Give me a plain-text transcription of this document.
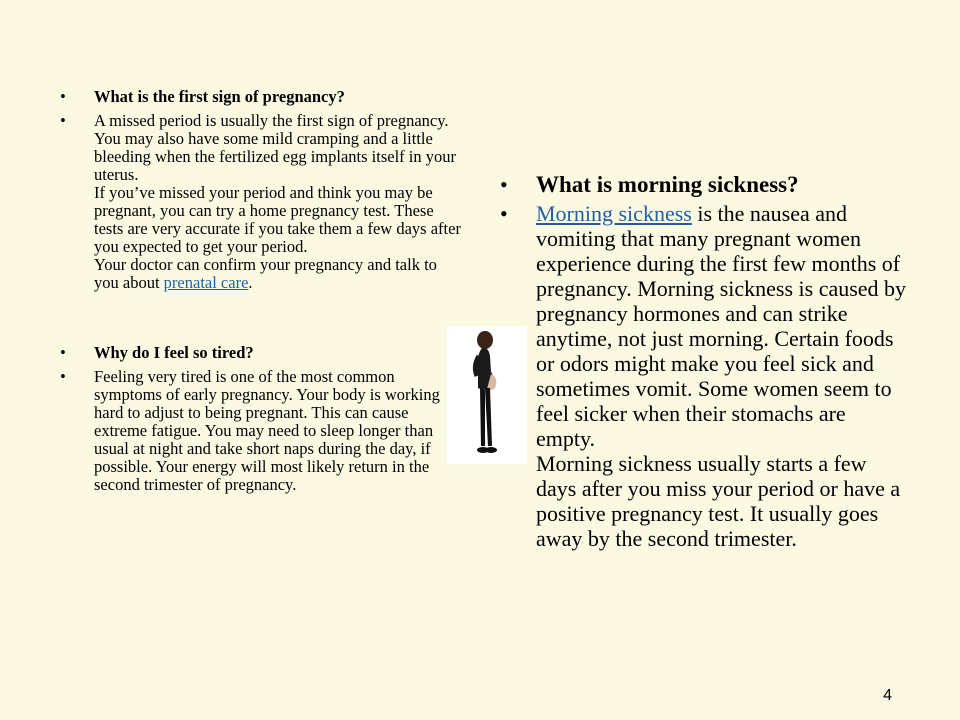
•	What is the first sign of pregnancy?
•	A missed period is usually the first sign of pregnancy. You may also have some mild cramping and a little bleeding when the fertilized egg implants itself in your uterus.
If you’ve missed your period and think you may be pregnant, you can try a home pregnancy test. These tests are very accurate if you take them a few days after you expected to get your period.
Your doctor can confirm your pregnancy and talk to you about prenatal care.
•	Why do I feel so tired?
•	Feeling very tired is one of the most common symptoms of early pregnancy. Your body is working hard to adjust to being pregnant. This can cause extreme fatigue. You may need to sleep longer than usual at night and take short naps during the day, if possible. Your energy will most likely return in the second trimester of pregnancy.
•	What is morning sickness?
•	Morning sickness is the nausea and vomiting that many pregnant women experience during the first few months of pregnancy. Morning sickness is caused by pregnancy hormones and can strike anytime, not just morning. Certain foods or odors might make you feel sick and sometimes vomit. Some women seem to feel sicker when their stomachs are empty.
Morning sickness usually starts a few days after you miss your period or have a positive pregnancy test. It usually goes away by the second trimester.
4
